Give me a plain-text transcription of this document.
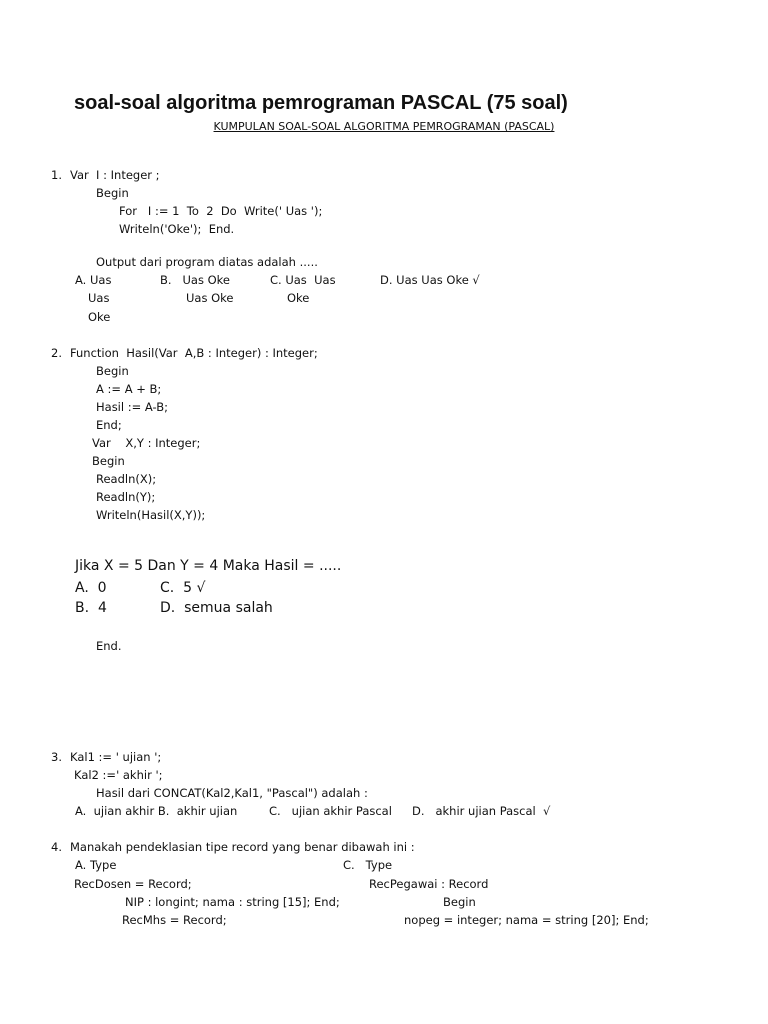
soal-soal algoritma pemrograman PASCAL (75 soal)
KUMPULAN SOAL-SOAL ALGORITMA PEMROGRAMAN (PASCAL)
1. Var  I : Integer ;
Begin
For   I := 1  To  2  Do  Write(' Uas ');
Writeln('Oke');  End.
Output dari program diatas adalah .....
A. Uas	B.   Uas Oke	C. Uas  Uas	D. Uas Uas Oke √
Uas	Uas Oke	Oke
Oke
2. Function  Hasil(Var  A,B : Integer) : Integer;
Begin
A := A + B;
Hasil := A-B;
End;
Var    X,Y : Integer;
Begin
Readln(X);
Readln(Y);
Writeln(Hasil(X,Y));
Jika X = 5 Dan Y = 4 Maka Hasil = .....
A.  0	C.  5 √
B.  4	D.  semua salah
End.
3. Kal1 := ' ujian ';
Kal2 :=' akhir ';
Hasil dari CONCAT(Kal2,Kal1, "Pascal") adalah :
A.  ujian akhir B.  akhir ujian	C.   ujian akhir Pascal D.   akhir ujian Pascal  √
4. Manakah pendeklasian tipe record yang benar dibawah ini :
A. Type	C.   Type
RecDosen = Record;	RecPegawai : Record
NIP : longint; nama : string [15]; End;	Begin
RecMhs = Record;	nopeg = integer; nama = string [20]; End;
